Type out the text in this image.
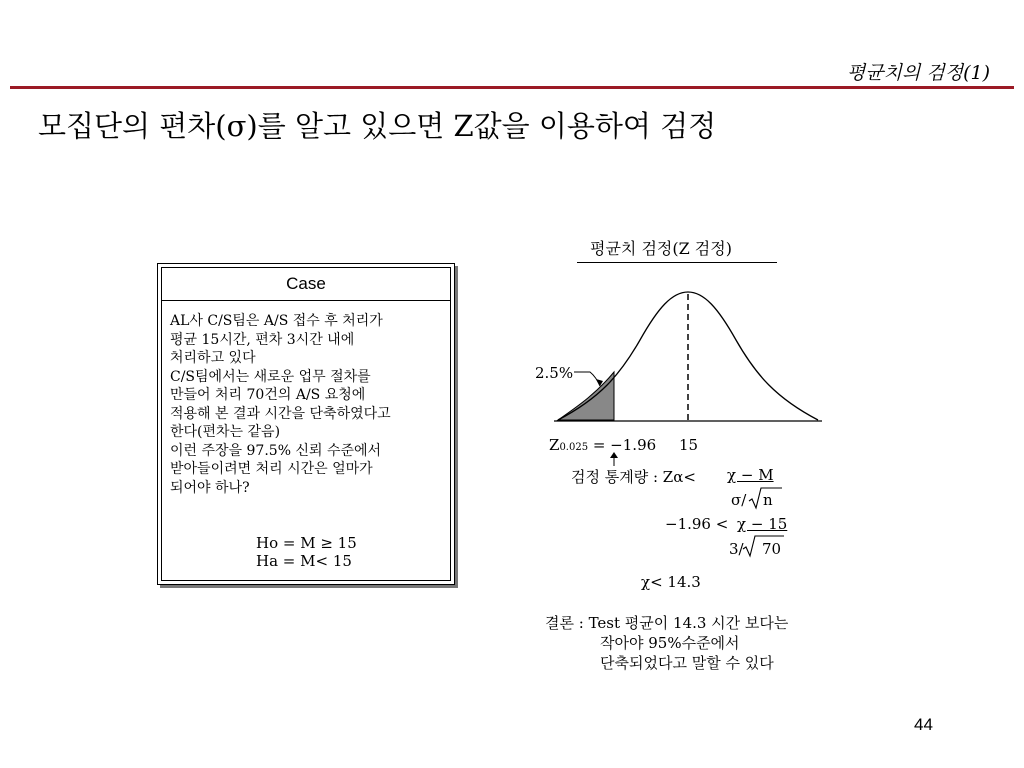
평균치의 검정(1)
모집단의 편차(σ)를 알고 있으면 Z값을 이용하여 검정
Case
AL사 C/S팀은 A/S 접수 후 처리가
평균 15시간, 편차 3시간 내에
처리하고 있다
C/S팀에서는 새로운 업무 절차를
만들어 처리 70건의 A/S 요청에
적용해 본 결과 시간을 단축하였다고
한다(편차는 같음)
이런 주장을 97.5% 신뢰 수준에서
받아들이려면 처리 시간은 얼마가
되어야 하나?
Ho = M ≥ 15
Ha = M< 15
평균치 검정(Z 검정)
2.5%
Z0.025 = −1.96 15
검정 통계량 : Zα< χ − M
σ/ n
−1.96 < χ − 15
3/ 70
χ< 14.3
결론 : Test 평균이 14.3 시간 보다는
작아야 95%수준에서
단축되었다고 말할 수 있다
44
